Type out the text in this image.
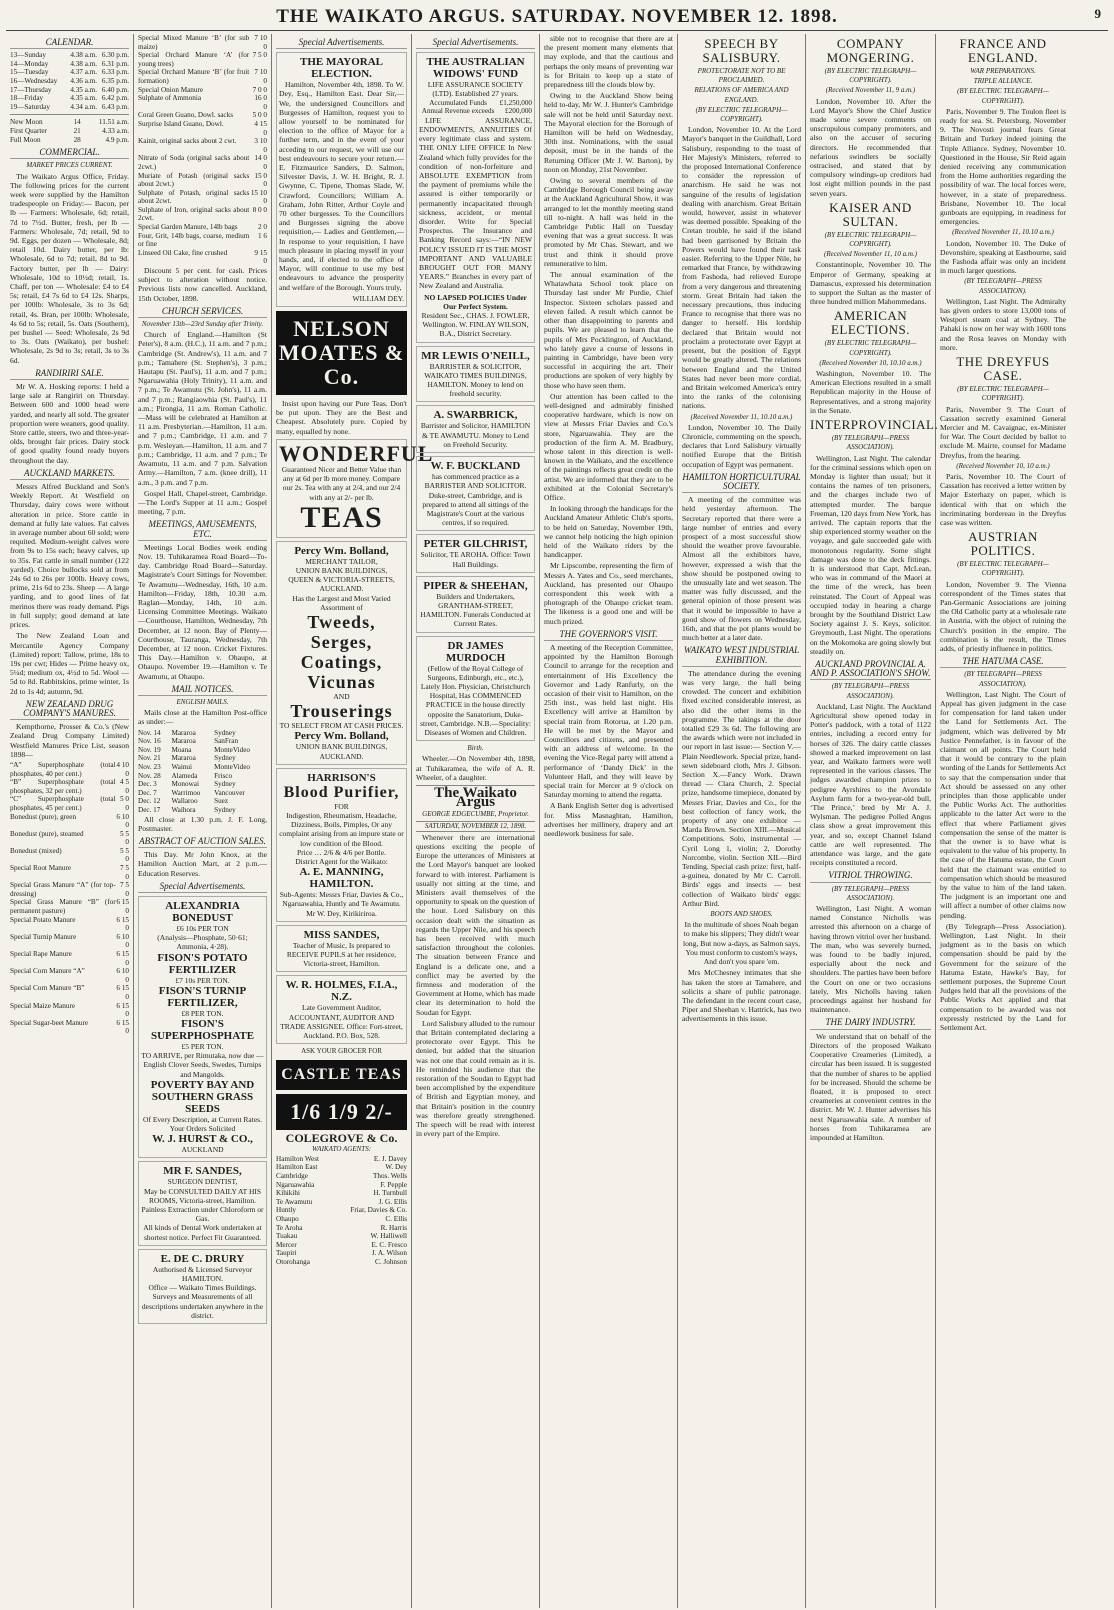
THE WAIKATO ARGUS. SATURDAY. NOVEMBER 12. 1898.	9
CALENDAR.
13—Sunday	4.38 a.m.	6.30 p.m.
14—Monday	4.38 a.m.	6.31 p.m.
15—Tuesday	4.37 a.m.	6.33 p.m.
16—Wednesday	4.36 a.m.	6.35 p.m.
17—Thursday	4.35 a.m.	6.40 p.m.
18—Friday	4.35 a.m.	6.42 p.m.
19—Saturday	4.34 a.m.	6.43 p.m.
New Moon	14	11.51 a.m.
First Quarter	21	4.33 a.m.
Full Moon	28	4.9 p.m.
COMMERCIAL.
MARKET PRICES CURRENT.

The Waikato Argus Office, Friday. The following prices for the current week were supplied by the Hamilton tradespeople on Friday:— Bacon, per lb — Farmers: Wholesale, 6d; retail, 7d to 7½d. Butter, fresh, per lb — Farmers: Wholesale, 7d; retail, 9d to 9d. Eggs, per dozen — Wholesale, 8d; retail 10d. Dairy butter, per lb: Wholesale, 6d to 7d; retail, 8d to 9d. Factory butter, per lb — Dairy: Wholesale, 10d to 10½d; retail, 1s. Chaff, per ton — Wholesale: £4 to £4 5s; retail, £4 7s 6d to £4 12s. Sharps, per 100lb: Wholesale, 3s to 3s 6d; retail, 4s. Bran, per 100lb: Wholesale, 4s 6d to 5s; retail, 5s. Oats (Southern), per bushel — Seed: Wholesale, 2s 9d to 3s. Oats (Waikato), per bushel: Wholesale, 2s 9d to 3s; retail, 3s to 3s 6d.

RANDIRIRI SALE.

Mr W. A. Hosking reports: I held a large sale at Rangiriri on Thursday. Between 600 and 1000 head were yarded, and nearly all sold. The greater proportion were weaners, good quality. Store cattle, steers, two and three-year-olds, brought fair prices. Dairy stock of good quality found ready buyers throughout the day.

AUCKLAND MARKETS.

Messrs Alfred Buckland and Son's Weekly Report. At Westfield on Thursday, dairy cows were without alteration in price. Store cattle in demand at fully late values. Fat calves in average number about 60 sold; were requited. Medium-weight calves were from 9s to 15s each; heavy calves, up to 35s. Fat cattle in small number (122 yarded). Choice bullocks sold at from 24s 6d to 26s per 100lb. Heavy cows, prime, 21s 6d to 23s. Sheep — A large yarding, and to good lines of fat merinos there was ready demand. Pigs in full supply; good demand at late prices.

The New Zealand Loan and Mercantile Agency Company (Limited) report: Tallow, prime, 18s to 19s per cwt; Hides — Prime heavy ox, 5¼d; medium ox, 4½d to 5d. Wool — 5d to 8d. Rabbitskins, prime winter, 1s 2d to 1s 4d; autumn, 9d.

NEW ZEALAND DRUG COMPANY'S MANURES.

Kempthorne, Prosser & Co.'s (New Zealand Drug Company Limited) Westfield Manures Price List, season 1898—

“A” Superphosphate (total phosphates, 40 per cent.)	4 10 0
“B” Superphosphate (total phosphates, 32 per cent.)	4 5 0
“C” Superphosphate (total phosphates, 45 per cent.)	5 0 0
Bonedust (pure), green	6 10 0
Bonedust (pure), steamed	5 5 0
Bonedust (mixed)	5 5 0
Special Root Manure	7 5 0
Special Grass Manure “A” (for top-dressing)	7 5 0
Special Grass Manure “B” (for permanent pasture)	6 15 0
Special Potato Manure	6 15 0
Special Turnip Manure	6 10 0
Special Rape Manure	6 15 0
Special Corn Manure “A”	6 10 0
Special Corn Manure “B”	6 15 0
Special Maize Manure	6 15 0
Special Sugar-beet Manure	6 15 0
Special Mixed Manure ‘B’ (for sub maize)	7 10 0
Special Orchard Manure ‘A’ (for young trees)	7 5 0
Special Orchard Manure ‘B’ (for fruit formation)	7 10 0
Special Onion Manure	7 0 0
Sulphate of Ammonia	16 0 0
Coral Green Guano, Dowl. sacks	5 0 0
Surprise Island Guano, Dowl.	4 15 0
Kainit, original sacks about 2 cwt.	3 10 0
Nitrate of Soda (original sacks about 2cwt.)	14 0 0
Muriate of Potash (original sacks about 2cwt.)	15 0 0
Sulphate of Potash, original sacks about 2cwt.	15 10 0
Sulphate of Iron, original sacks about 2cwt.	8 0 0
Special Garden Manure, 14lb bags	2 0
Four, Grit, 14lb bags, coarse, medium or fine	1 6
Linseed Oil Cake, fine crushed	9 15 0

Discount 5 per cent. for cash. Prices subject to alteration without notice. Previous lists now cancelled. Auckland, 15th October, 1898.

CHURCH SERVICES.
November 13th—23rd Sunday after Trinity.

Church of England.—Hamilton (St Peter's), 8 a.m. (H.C.), 11 a.m. and 7 p.m.; Cambridge (St. Andrew's), 11 a.m. and 7 p.m.; Tamahere (St. Stephen's), 3 p.m.; Hautapu (St. Paul's), 11 a.m. and 7 p.m.; Ngaruawahia (Holy Trinity), 11 a.m. and 7 p.m.; Te Awamutu (St. John's), 11 a.m. and 7 p.m.; Rangiaowhia (St. Paul's), 11 a.m.; Pirongia, 11 a.m. Roman Catholic.—Mass will be celebrated at Hamilton at 11 a.m. Presbyterian.—Hamilton, 11 a.m. and 7 p.m.; Cambridge, 11 a.m. and 7 p.m. Wesleyan.—Hamilton, 11 a.m. and 7 p.m.; Cambridge, 11 a.m. and 7 p.m.; Te Awamutu, 11 a.m. and 7 p.m. Salvation Army.—Hamilton, 7 a.m. (knee drill), 11 a.m., 3 p.m. and 7 p.m.

Gospel Hall, Chapel-street, Cambridge.—The Lord's Supper at 11 a.m.; Gospel meeting, 7 p.m.

MEETINGS, AMUSEMENTS, ETC.

Meetings Local Bodies week ending Nov. 19. Tuhikaramea Road Board—To-day. Cambridge Road Board—Saturday. Magistrate's Court Sittings for November. Te Awamutu—Wednesday, 16th, 10 a.m. Hamilton—Friday, 18th, 10.30 a.m. Raglan—Monday, 14th, 10 a.m. Licensing Committee Meetings. Waikato—Courthouse, Hamilton, Wednesday, 7th December, at 12 noon. Bay of Plenty—Courthouse, Tauranga, Wednesday, 7th December, at 12 noon. Cricket Fixtures. This Day.—Hamilton v. Ohaupo, at Ohaupo. November 19.—Hamilton v. Te Awamutu, at Ohaupo.

MAIL NOTICES.
ENGLISH MAILS.

Mails close at the Hamilton Post-office as under:—

Nov. 14	Mararoa	Sydney
Nov. 16	Mararoa	SanFran
Nov. 19	Moana	MonteVideo
Nov. 21	Mararoa	Sydney
Nov. 23	Wainui	MonteVideo
Nov. 28	Alameda	Frisco
Dec. 3	Monowai	Sydney
Dec. 7	Warrimoo	Vancouver
Dec. 12	Wallaroo	Suez
Dec. 17	Waihora	Sydney

All close at 1.30 p.m. J. F. Long, Postmaster.

ABSTRACT OF AUCTION SALES.

This Day. Mr John Knox, at the Hamilton Auction Mart, at 2 p.m.—Education Reserves.

Special Advertisements.
ALEXANDRIA BONEDUST
£6 10s PER TON
(Analysis—Phosphate, 50·61; Ammonia, 4·28).
FISON'S POTATO FERTILIZER
£7 10s PER TON.
FISON'S TURNIP FERTILIZER,
£8 PER TON.
FISON'S SUPERPHOSPHATE
£5 PER TON.
TO ARRIVE, per Rimutaka, now due — English Clover Seeds, Swedes, Turnips and Mangolds.
POVERTY BAY AND SOUTHERN GRASS SEEDS
Of Every Description, at Current Rates.
Your Orders Solicited
W. J. HURST & CO.,
AUCKLAND
MR F. SANDES,
SURGEON DENTIST,
May be CONSULTED DAILY AT HIS ROOMS, Victoria-street, Hamilton.
Painless Extraction under Chloroform or Gas.
All kinds of Dental Work undertaken at shortest notice. Perfect Fit Guaranteed.
E. DE C. DRURY
Authorised & Licensed Surveyor
HAMILTON.
Office — Waikato Times Buildings. Surveys and Measurements of all descriptions undertaken anywhere in the district.
Special Advertisements.
THE MAYORAL ELECTION.

Hamilton, November 4th, 1898. To W. Dey, Esq., Hamilton East. Dear Sir,—We, the undersigned Councillors and Burgesses of Hamilton, request you to allow yourself to be nominated for election to the office of Mayor for a further term, and in the event of your acceding to our request, we will use our best endeavours to secure your return.—E. Fitzmaurice Sanders, D. Salmon, Silvester Davis, J. W. H. Bright, R. J. Gwynne, C. Tipene, Thomas Slade, W. Crawford, Councillors; William A. Graham, John Ritter, Arthur Coyle and 70 other burgesses. To the Councillors and Burgesses signing the above requisition,— Ladies and Gentlemen,—In response to your requisition, I have much pleasure in placing myself in your hands, and, if elected to the office of Mayor, will continue to use my best endeavours to advance the prosperity and welfare of the Borough. Yours truly,

WILLIAM DEY.
NELSON MOATES & Co.

Insist upon having our Pure Teas. Don't be put upon. They are the Best and Cheapest. Absolutely pure. Copied by many, equalled by none.

WONDERFUL
Guaranteed Nicer and Better Value than any at 6d per lb more money. Compare our 2s. Tea with any at 2/4, and our 2/4 with any at 2/- per lb.
TEAS
Percy Wm. Bolland,
MERCHANT TAILOR,
UNION BANK BUILDINGS,
QUEEN & VICTORIA-STREETS,
AUCKLAND.
Has the Largest and Most Varied Assortment of
Tweeds,
Serges,
Coatings,
Vicunas
AND
Trouserings
TO SELECT FROM AT CASH PRICES.
Percy Wm. Bolland,
UNION BANK BUILDINGS, AUCKLAND.
HARRISON'S
Blood Purifier,
FOR
Indigestion, Rheumatism, Headache, Dizziness, Boils, Pimples, Or any complaint arising from an impure state or low condition of the Blood.
Price … 2/6 & 4/6 per Bottle.
District Agent for the Waikato:
A. E. MANNING, HAMILTON.
Sub-Agents: Messrs Friar, Davies & Co., Ngaruawahia, Huntly and Te Awamutu. Mr W. Dey, Kirikiriroa.
MISS SANDES,
Teacher of Music, Is prepared to RECEIVE PUPILS at her residence, Victoria-street, Hamilton.
W. R. HOLMES, F.I.A., N.Z.
Late Government Auditor, ACCOUNTANT, AUDITOR AND TRADE ASSIGNEE. Office: Fort-street, Auckland. P.O. Box, 528.
ASK YOUR GROCER FOR
CASTLE TEAS
1/6 1/9 2/-
COLEGROVE & Co.
WAIKATO AGENTS:
Hamilton West	E. J. Davey
Hamilton East	W. Dey
Cambridge	Thos. Wells
Ngaruawahia	F. Pepple
Kihikihi	H. Turnbull
Te Awamutu	J. G. Ellis
Huntly	Friar, Davies & Co.
Ohaupo	C. Ellis
Te Aroha	R. Harris
Tuakau	W. Halliwell
Mercer	E. C. Fresco
Taupiri	J. A. Wilson
Otorohanga	C. Johnson
Special Advertisements.
THE AUSTRALIAN WIDOWS' FUND
LIFE ASSURANCE SOCIETY (LTD). Established 27 years.
Accumulated Funds	£1,250,000
Annual Revenue exceeds	£200,000

LIFE ASSURANCE, ENDOWMENTS, ANNUITIES Of every legitimate class and system. THE ONLY LIFE OFFICE In New Zealand which fully provides for the condition of non-forfeiture and ABSOLUTE EXEMPTION from the payment of premiums while the assured is either temporarily or permanently incapacitated through sickness, accident, or mental disorder. Write for Special Prospectus. The Insurance and Banking Record says:—“IN NEW POLICY ISSUED IT IS THE MOST IMPORTANT AND VALUABLE BROUGHT OUT FOR MANY YEARS.” Branches in every part of New Zealand and Australia.

NO LAPSED POLICIES Under Our Perfect System.
Resident Sec., CHAS. J. FOWLER, Wellington. W. FINLAY WILSON, B.A., District Secretary.
MR LEWIS O'NEILL,
BARRISTER & SOLICITOR, WAIKATO TIMES BUILDINGS, HAMILTON. Money to lend on freehold security.
A. SWARBRICK,
Barrister and Solicitor, HAMILTON & TE AWAMUTU. Money to Lend on Freehold Security.
W. F. BUCKLAND
has commenced practice as a BARRISTER AND SOLICITOR. Duke-street, Cambridge, and is prepared to attend all sittings of the Magistrate's Court at the various centres, if so required.
PETER GILCHRIST,
Solicitor, TE AROHA. Office: Town Hall Buildings.
PIPER & SHEEHAN,
Builders and Undertakers, GRANTHAM-STREET, HAMILTON. Funerals Conducted at Current Rates.
DR JAMES MURDOCH
(Fellow of the Royal College of Surgeons, Edinburgh, etc., etc.), Lately Hon. Physician, Christchurch Hospital, Has COMMENCED PRACTICE in the house directly opposite the Sanatorium, Duke-street, Cambridge. N.B.—Speciality: Diseases of Women and Children.
Birth.

Wheeler.—On November 4th, 1898, at Tuhikaramea, the wife of A. R. Wheeler, of a daughter.

The Waikato Argus
GEORGE EDGECUMBE, Proprietor.
SATURDAY, NOVEMBER 12, 1898.

Whenever there are international questions exciting the people of Europe the utterances of Ministers at the Lord Mayor's banquet are looked forward to with interest. Parliament is usually not sitting at the time, and Ministers avail themselves of the opportunity to speak on the question of the hour. Lord Salisbury on this occasion dealt with the situation as regards the Upper Nile, and his speech has been received with much satisfaction throughout the colonies. The situation between France and England is a delicate one, and a conflict may be averted by the firmness and moderation of the Government at Home, which has made clear its determination to hold the Soudan for Egypt.

Lord Salisbury alluded to the rumour that Britain contemplated declaring a protectorate over Egypt. This he denied, but added that the situation was not one that could remain as it is. He reminded his audience that the restoration of the Soudan to Egypt had been accomplished by the expenditure of British and Egyptian money, and that Britain's position in the country was therefore greatly strengthened. The speech will be read with interest in every part of the Empire.

sible not to recognise that there are at the present moment many elements that may explode, and that the cautious and perhaps the only means of preventing war is for Britain to keep up a state of preparedness till the clouds blow by.

Owing to the Auckland Show being held to-day, Mr W. J. Hunter's Cambridge sale will not be held until Saturday next. The Mayoral election for the Borough of Hamilton will be held on Wednesday, 30th inst. Nominations, with the usual deposit, must be in the hands of the Returning Officer (Mr J. W. Barton), by noon on Monday, 21st November.

Owing to several members of the Cambridge Borough Council being away at the Auckland Agricultural Show, it was arranged to let the monthly meeting stand till to-night. A hall was held in the Cambridge Public Hall on Tuesday evening that was a great success. It was promoted by Mr Chas. Stewart, and we trust and think it should prove remunerative to him.

The annual examination of the Whatawhata School took place on Thursday last under Mr Purdie, Chief Inspector. Sixteen scholars passed and eleven failed. A result which cannot be other than disappointing to parents and pupils. We are pleased to learn that the pupils of Mrs Pocklington, of Auckland, who lately gave a course of lessons in painting in Cambridge, have been very successful in acquiring the art. Their productions are spoken of very highly by those who have seen them.

Our attention has been called to the well-designed and admirably finished cooperative hardware, which is now on view at Messrs Friar Davies and Co.'s store, Ngaruawahia. They are the production of the firm A. M. Bradbury, whose talent in this direction is well-known in the Waikato, and the excellence of the paintings reflects great credit on the artist. We are informed that they are to be exhibited at the Colonial Secretary's Office.

In looking through the handicaps for the Auckland Amateur Athletic Club's sports, to be held on Saturday, November 19th, we cannot help noticing the high opinion held of the Waikato riders by the handicapper.

Mr Lipscombe, representing the firm of Messrs A. Yates and Co., seed merchants, Auckland, has presented our Ohaupo correspondent this week with a photograph of the Ohaupo cricket team. The likeness is a good one and will be much prized.

THE GOVERNOR'S VISIT.

A meeting of the Reception Committee, appointed by the Hamilton Borough Council to arrange for the reception and entertainment of His Excellency the Governor and Lady Ranfurly, on the occasion of their visit to Hamilton, on the 25th inst., was held last night. His Excellency will arrive at Hamilton by special train from Rotorua, at 1.20 p.m. He will be met by the Mayor and Councillors and citizens, and presented with an address of welcome. In the evening the Vice-Regal party will attend a performance of ‘Dandy Dick’ in the Volunteer Hall, and they will leave by special train for Mercer at 9 o'clock on Saturday morning to attend the regatta.

A Bank English Setter dog is advertised for. Miss Masnaghtan, Hamilton, advertises her millinery, drapery and art needlework business for sale.

SPEECH BY SALISBURY.
PROTECTORATE NOT TO BE PROCLAIMED.
RELATIONS OF AMERICA AND ENGLAND.
(BY ELECTRIC TELEGRAPH—COPYRIGHT).

London, November 10. At the Lord Mayor's banquet in the Guildhall, Lord Salisbury, responding to the toast of Her Majesty's Ministers, referred to the proposed International Conference to consider the repression of anarchism. He said he was not sanguine of the results of legislation dealing with anarchism. Great Britain would, however, assist in whatever was deemed possible. Speaking of the Cretan trouble, he said if the island had been garrisoned by Britain the Powers would have found their task easier. Referring to the Upper Nile, he remarked that France, by withdrawing from Fashoda, had relieved Europe from a very dangerous and threatening storm. Great Britain had taken the necessary precautions, thus inducing France to recognise that there was no danger to herself. His lordship declared that Britain would not proclaim a protectorate over Egypt at present, but the position of Egypt would be greatly altered. The relations between England and the United States had never been more cordial, and Britain welcomed America's entry into the ranks of the colonising nations.

(Received November 11, 10.10 a.m.)

London, November 10. The Daily Chronicle, commenting on the speech, declares that Lord Salisbury virtually notified Europe that the British occupation of Egypt was permanent.

HAMILTON HORTICULTURAL SOCIETY.

A meeting of the committee was held yesterday afternoon. The Secretary reported that there were a large number of entries and every prospect of a most successful show should the weather prove favourable. Almost all the exhibitors have, however, expressed a wish that the show should be postponed owing to the unusually late and wet season. The matter was fully discussed, and the general opinion of those present was that it would be impossible to have a good show of flowers on Wednesday, 16th, and that the pot plants would be much better at a later date.

WAIKATO WEST INDUSTRIAL EXHIBITION.

The attendance during the evening was very large, the hall being crowded. The concert and exhibition fixed excited considerable interest, as also did the other items in the programme. The takings at the door totalled £29 3s 6d. The following are the awards which were not included in our report in last issue:— Section V.—Plain Needlework. Special prize, hand-sewn sideboard cloth, Mrs J. Gibson. Section X.—Fancy Work. Drawn thread — Clara Church, 2. Special prize, handsome timepiece, donated by Messrs Friar, Davies and Co., for the best collection of fancy work, the property of any one exhibitor — Marda Brown. Section XIII.—Musical Competitions. Solo, instrumental — Cyril Long 1, violin; 2, Dorothy Norcombe, violin. Section XII.—Bird Tending. Special cash prize: first, half-a-guinea, donated by Mr C. Carroll. Birds' eggs and insects — best collection of Waikato birds' eggs: Arthur Bird.

BOOTS AND SHOES.

In the multitude of shoes Noah began to make his slippers; They didn't wear long, But now a-days, as Salmon says, You must conform to custom's ways, And don't you spare 'em.

Mrs McChesney intimates that she has taken the store at Tamahere, and solicits a share of public patronage. The defendant in the recent court case, Piper and Sheehan v. Hattrick, has two advertisements in this issue.

COMPANY MONGERING.
(BY ELECTRIC TELEGRAPH—COPYRIGHT).
(Received November 11, 9 a.m.)

London, November 10. After the Lord Mayor's Show the Chief Justice made some severe comments on unscrupulous company promoters, and also on the accuser of securing directors. He recommended that nefarious swindlers be socially ostracised, and stated that by compulsory windings-up creditors had lost eight million pounds in the past seven years.

KAISER AND SULTAN.
(BY ELECTRIC TELEGRAPH—COPYRIGHT).
(Received November 11, 10 a.m.)

Constantinople, November 10. The Emperor of Germany, speaking at Damascus, expressed his determination to support the Sultan as the master of three hundred million Mahommedans.

AMERICAN ELECTIONS.
(BY ELECTRIC TELEGRAPH—COPYRIGHT).
(Received November 10, 10.10 a.m.)

Washington, November 10. The American Elections resulted in a small Republican majority in the House of Representatives, and a strong majority in the Senate.

INTERPROVINCIAL.
(BY TELEGRAPH—PRESS ASSOCIATION).

Wellington, Last Night. The calendar for the criminal sessions which open on Monday is lighter than usual; but it contains the names of ten prisoners, and the charges include two of attempted murder. The barque Freeman, 120 days from New York, has arrived. The captain reports that the ship experienced stormy weather on the voyage, and gale succeeded gale with monotonous regularity. Some slight damage was done to the deck fittings. It is understood that Capt. McLean, who was in command of the Maori at the time of the wreck, has been reinstated. The Court of Appeal was occupied today in hearing a charge brought by the Southland District Law Society against J. S. Keys, solicitor. Greymouth, Last Night. The operations on the Mokomoka are going slowly but steadily on.

AUCKLAND PROVINCIAL A. AND P. ASSOCIATION'S SHOW.
(BY TELEGRAPH—PRESS ASSOCIATION).

Auckland, Last Night. The Auckland Agricultural show opened today in Potter's paddock, with a total of 1122 entries, including a record entry for horses of 326. The dairy cattle classes showed a marked improvement on last year, and Waikato farmers were well represented in the various classes. The judges awarded champion prizes to pedigree Ayrshires to the Avondale Asylum farm for a two-year-old bull, ‘The Prince,’ bred by Mr A. J. Wylsman. The pedigree Polled Angus class show a great improvement this year, and so, except Channel Island cattle are well represented. The attendance was large, and the gate receipts constituted a record.

VITRIOL THROWING.
(BY TELEGRAPH—PRESS ASSOCIATION).

Wellington, Last Night. A woman named Constance Nicholls was arrested this afternoon on a charge of having thrown vitriol over her husband. The man, who was severely burned, was found to be badly injured, especially about the neck and shoulders. The parties have been before the Court on one or two occasions lately, Mrs Nicholls having taken proceedings against her husband for maintenance.

THE DAIRY INDUSTRY.

We understand that on behalf of the Directors of the proposed Waikato Cooperative Creameries (Limited), a circular has been issued. It is suggested that the number of shares to be applied for be increased. Should the scheme be floated, it is proposed to erect creameries at convenient centres in the district. Mr W. J. Hunter advertises his next Ngaruawahia sale. A number of horses from Tuhikaramea are impounded at Hamilton.

FRANCE AND ENGLAND.
WAR PREPARATIONS.
TRIPLE ALLIANCE.
(BY ELECTRIC TELEGRAPH—COPYRIGHT).

Paris, November 9. The Toulon fleet is ready for sea. St. Petersburg, November 9. The Novosti journal fears Great Britain and Turkey indeed joining the Triple Alliance. Sydney, November 10. Questioned in the House, Sir Reid again denied receiving any communication from the Home authorities regarding the possibility of war. The local forces were, however, in a state of preparedness. Brisbane, November 10. The local gunboats are equipping, in readiness for emergencies.

(Received November 11, 10.10 a.m.)

London, November 10. The Duke of Devonshire, speaking at Eastbourne, said the Fashoda affair was only an incident in much larger questions.

(BY TELEGRAPH—PRESS ASSOCIATION).

Wellington, Last Night. The Admiralty has given orders to store 13,000 tons of Westport steam coal at Sydney. The Pahaki is now on her way with 1600 tons and the Rosa leaves on Monday with more.

THE DREYFUS CASE.
(BY ELECTRIC TELEGRAPH—COPYRIGHT).

Paris, November 9. The Court of Cassation secretly examined General Mercier and M. Cavaignac, ex-Minister for War. The Court decided by ballot to exclude M. Mairte, counsel for Madame Dreyfus, from the hearing.

(Received November 10, 10 a.m.)

Paris, November 10. The Court of Cassation has received a letter written by Major Esterhazy on paper, which is identical with that on which the incriminating bordereau in the Dreyfus case was written.

AUSTRIAN POLITICS.
(BY ELECTRIC TELEGRAPH—COPYRIGHT).

London, November 9. The Vienna correspondent of the Times states that Pan-Germanic Associations are joining the Old Catholic party at a wholesale rate in Austria, with the object of ruining the Church's position in the empire. The combination is the result, the Times adds, of priestly influence in politics.

THE HATUMA CASE.
(BY TELEGRAPH—PRESS ASSOCIATION).

Wellington, Last Night. The Court of Appeal has given judgment in the case for compensation for land taken under the Land for Settlements Act. The judgment, which was delivered by Mr Justice Pennefather, is in favour of the claimant on all points. The Court held that it would be contrary to the plain wording of the Lands for Settlements Act to say that the compensation under that Act should be assessed on any other principles than those applicable under the Public Works Act. The authorities applicable to the latter Act were to the effect that where Parliament gives compensation the sense of the matter is that the owner is to have what is equivalent to the value of his property. In the case of the Hatuma estate, the Court held that the claimant was entitled to compensation which should be measured by the value to him of the land taken. The judgment is an important one and will affect a number of other claims now pending.

(By Telegraph—Press Association). Wellington, Last Night. In their judgment as to the basis on which compensation should be paid by the Government for the seizure of the Hatuma Estate, Hawke's Bay, for settlement purposes, the Supreme Court Judges held that all the provisions of the Public Works Act applied and that compensation to be awarded was not expressly restricted by the Land for Settlement Act.
